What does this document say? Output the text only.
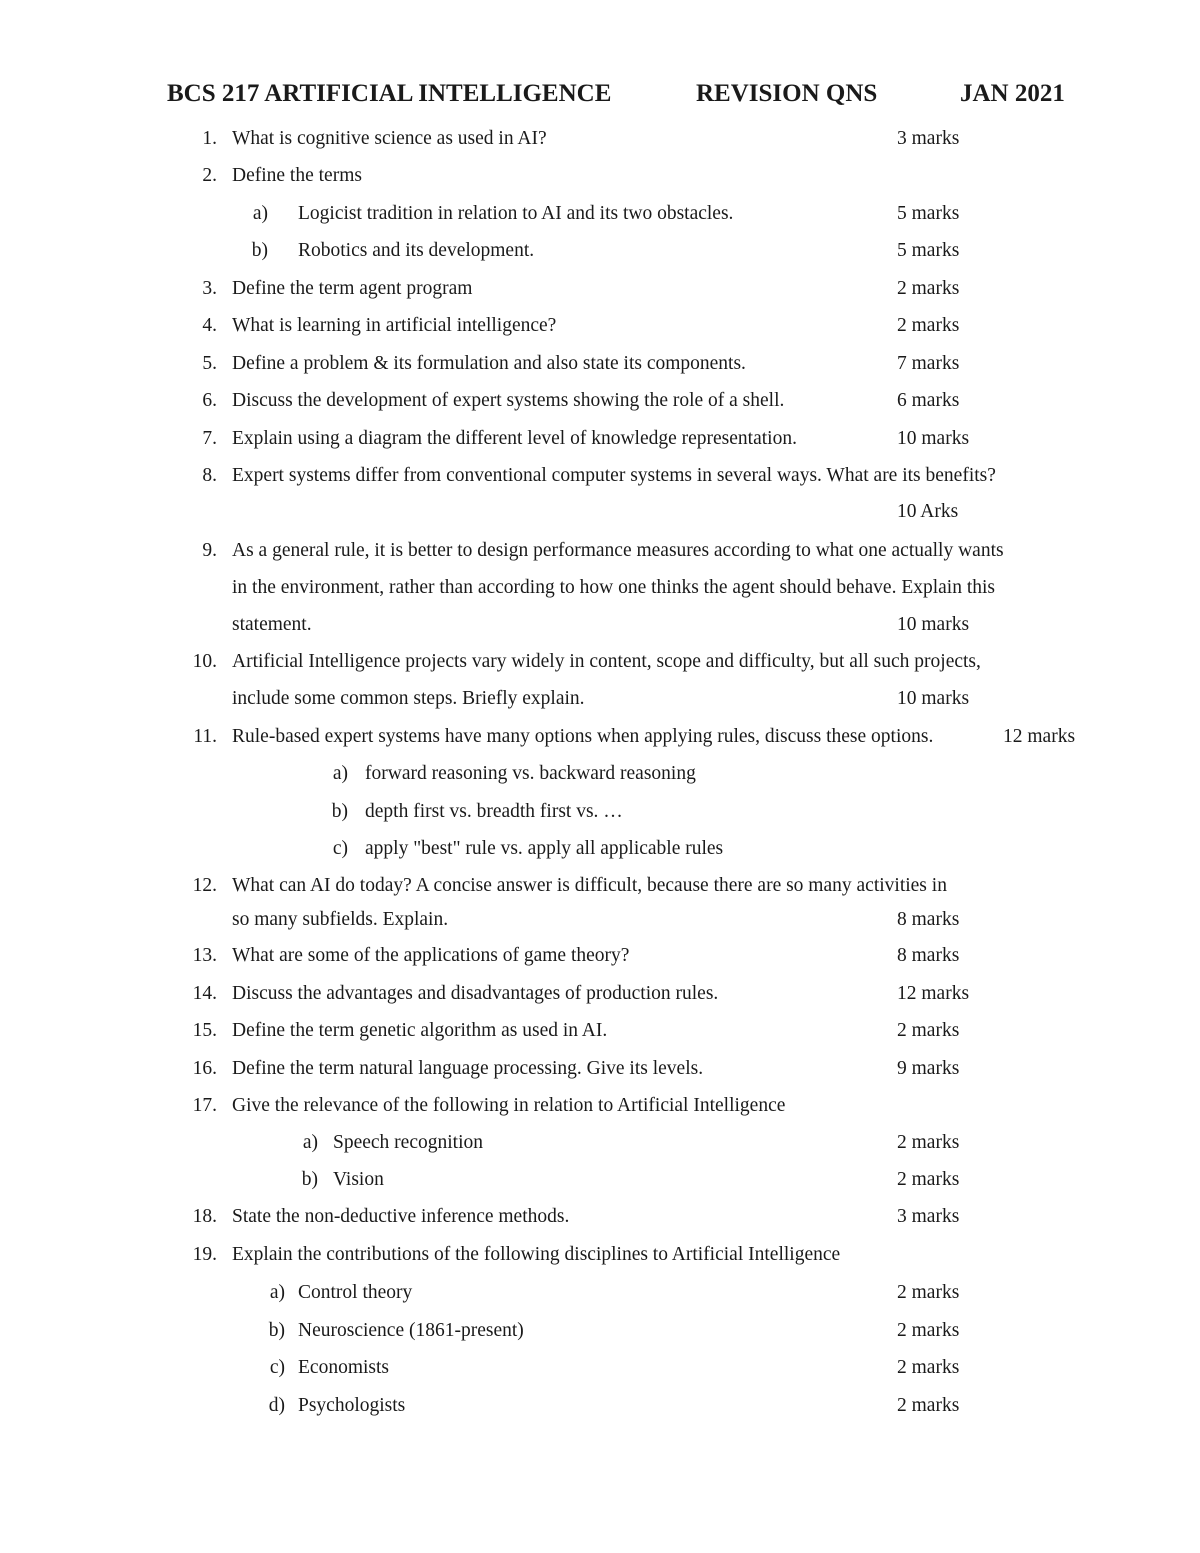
BCS 217 ARTIFICIAL INTELLIGENCE	REVISION QNS	JAN 2021
1. What is cognitive science as used in AI?	3 marks
2. Define the terms
a) Logicist tradition in relation to AI and its two obstacles.	5 marks
b) Robotics and its development.	5 marks
3. Define the term agent program	2 marks
4. What is learning in artificial intelligence?	2 marks
5. Define a problem & its formulation and also state its components.	7 marks
6. Discuss the development of expert systems showing the role of a shell.	6 marks
7. Explain using a diagram the different level of knowledge representation.	10 marks
8. Expert systems differ from conventional computer systems in several ways. What are its benefits?
10 Arks
9. As a general rule, it is better to design performance measures according to what one actually wants
in the environment, rather than according to how one thinks the agent should behave. Explain this
statement.	10 marks
10. Artificial Intelligence projects vary widely in content, scope and difficulty, but all such projects,
include some common steps. Briefly explain.	10 marks
11. Rule-based expert systems have many options when applying rules, discuss these options.	12 marks
a) forward reasoning vs. backward reasoning
b) depth first vs. breadth first vs. …
c) apply "best" rule vs. apply all applicable rules
12. What can AI do today? A concise answer is difficult, because there are so many activities in
so many subfields. Explain.	8 marks
13. What are some of the applications of game theory?	8 marks
14. Discuss the advantages and disadvantages of production rules.	12 marks
15. Define the term genetic algorithm as used in AI.	2 marks
16. Define the term natural language processing. Give its levels.	9 marks
17. Give the relevance of the following in relation to Artificial Intelligence
a) Speech recognition	2 marks
b) Vision	2 marks
18. State the non-deductive inference methods.	3 marks
19. Explain the contributions of the following disciplines to Artificial Intelligence
a) Control theory	2 marks
b) Neuroscience (1861-present)	2 marks
c) Economists	2 marks
d) Psychologists	2 marks
